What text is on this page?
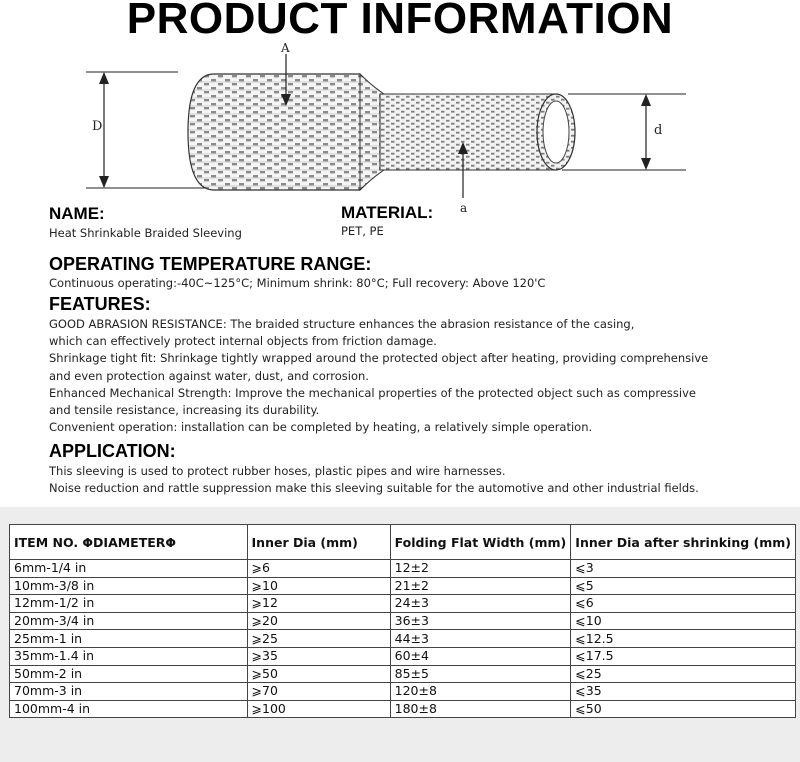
PRODUCT INFORMATION
D
A
a
d
NAME:
Heat Shrinkable Braided Sleeving
MATERIAL:
PET, PE
OPERATING TEMPERATURE RANGE:
Continuous operating:-40C~125°C; Minimum shrink: 80°C; Full recovery: Above 120'C
FEATURES:
GOOD ABRASION RESISTANCE: The braided structure enhances the abrasion resistance of the casing,
which can effectively protect internal objects from friction damage.
Shrinkage tight fit: Shrinkage tightly wrapped around the protected object after heating, providing comprehensive
and even protection against water, dust, and corrosion.
Enhanced Mechanical Strength: Improve the mechanical properties of the protected object such as compressive
and tensile resistance, increasing its durability.
Convenient operation: installation can be completed by heating, a relatively simple operation.
APPLICATION:
This sleeving is used to protect rubber hoses, plastic pipes and wire harnesses.
Noise reduction and rattle suppression make this sleeving suitable for the automotive and other industrial fields.
ITEM NO. ΦDIAMETERΦ	Inner Dia (mm)	Folding Flat Width (mm)	Inner Dia after shrinking (mm)
6mm-1/4 in	⩾6	12±2	⩽3
10mm-3/8 in	⩾10	21±2	⩽5
12mm-1/2 in	⩾12	24±3	⩽6
20mm-3/4 in	⩾20	36±3	⩽10
25mm-1 in	⩾25	44±3	⩽12.5
35mm-1.4 in	⩾35	60±4	⩽17.5
50mm-2 in	⩾50	85±5	⩽25
70mm-3 in	⩾70	120±8	⩽35
100mm-4 in	⩾100	180±8	⩽50
